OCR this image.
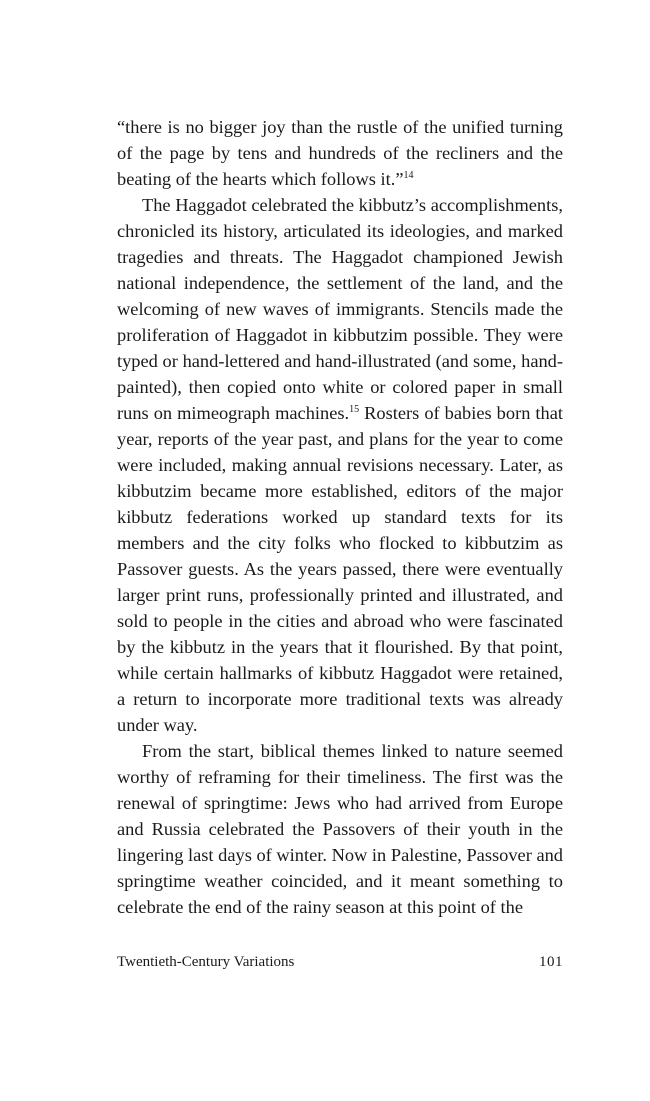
“there is no bigger joy than the rustle of the unified turning of the page by tens and hundreds of the recliners and the beating of the hearts which follows it.”$^{14}$

The Haggadot celebrated the kibbutz’s accomplishments, chronicled its history, articulated its ideologies, and marked tragedies and threats. The Haggadot championed Jewish national independence, the settlement of the land, and the welcoming of new waves of immigrants. Stencils made the proliferation of Haggadot in kibbutzim possible. They were typed or hand-lettered and hand-illustrated (and some, hand-painted), then copied onto white or colored paper in small runs on mimeograph machines.$^{15}$ Rosters of babies born that year, reports of the year past, and plans for the year to come were included, making annual revisions necessary. Later, as kibbutzim became more established, editors of the major kibbutz federations worked up standard texts for its members and the city folks who flocked to kibbutzim as Passover guests. As the years passed, there were eventually larger print runs, professionally printed and illustrated, and sold to people in the cities and abroad who were fascinated by the kibbutz in the years that it flourished. By that point, while certain hallmarks of kibbutz Haggadot were retained, a return to incorporate more traditional texts was already under way.

From the start, biblical themes linked to nature seemed worthy of reframing for their timeliness. The first was the renewal of springtime: Jews who had arrived from Europe and Russia celebrated the Passovers of their youth in the lingering last days of winter. Now in Palestine, Passover and springtime weather coincided, and it meant something to celebrate the end of the rainy season at this point of the

Twentieth-Century Variations	101
